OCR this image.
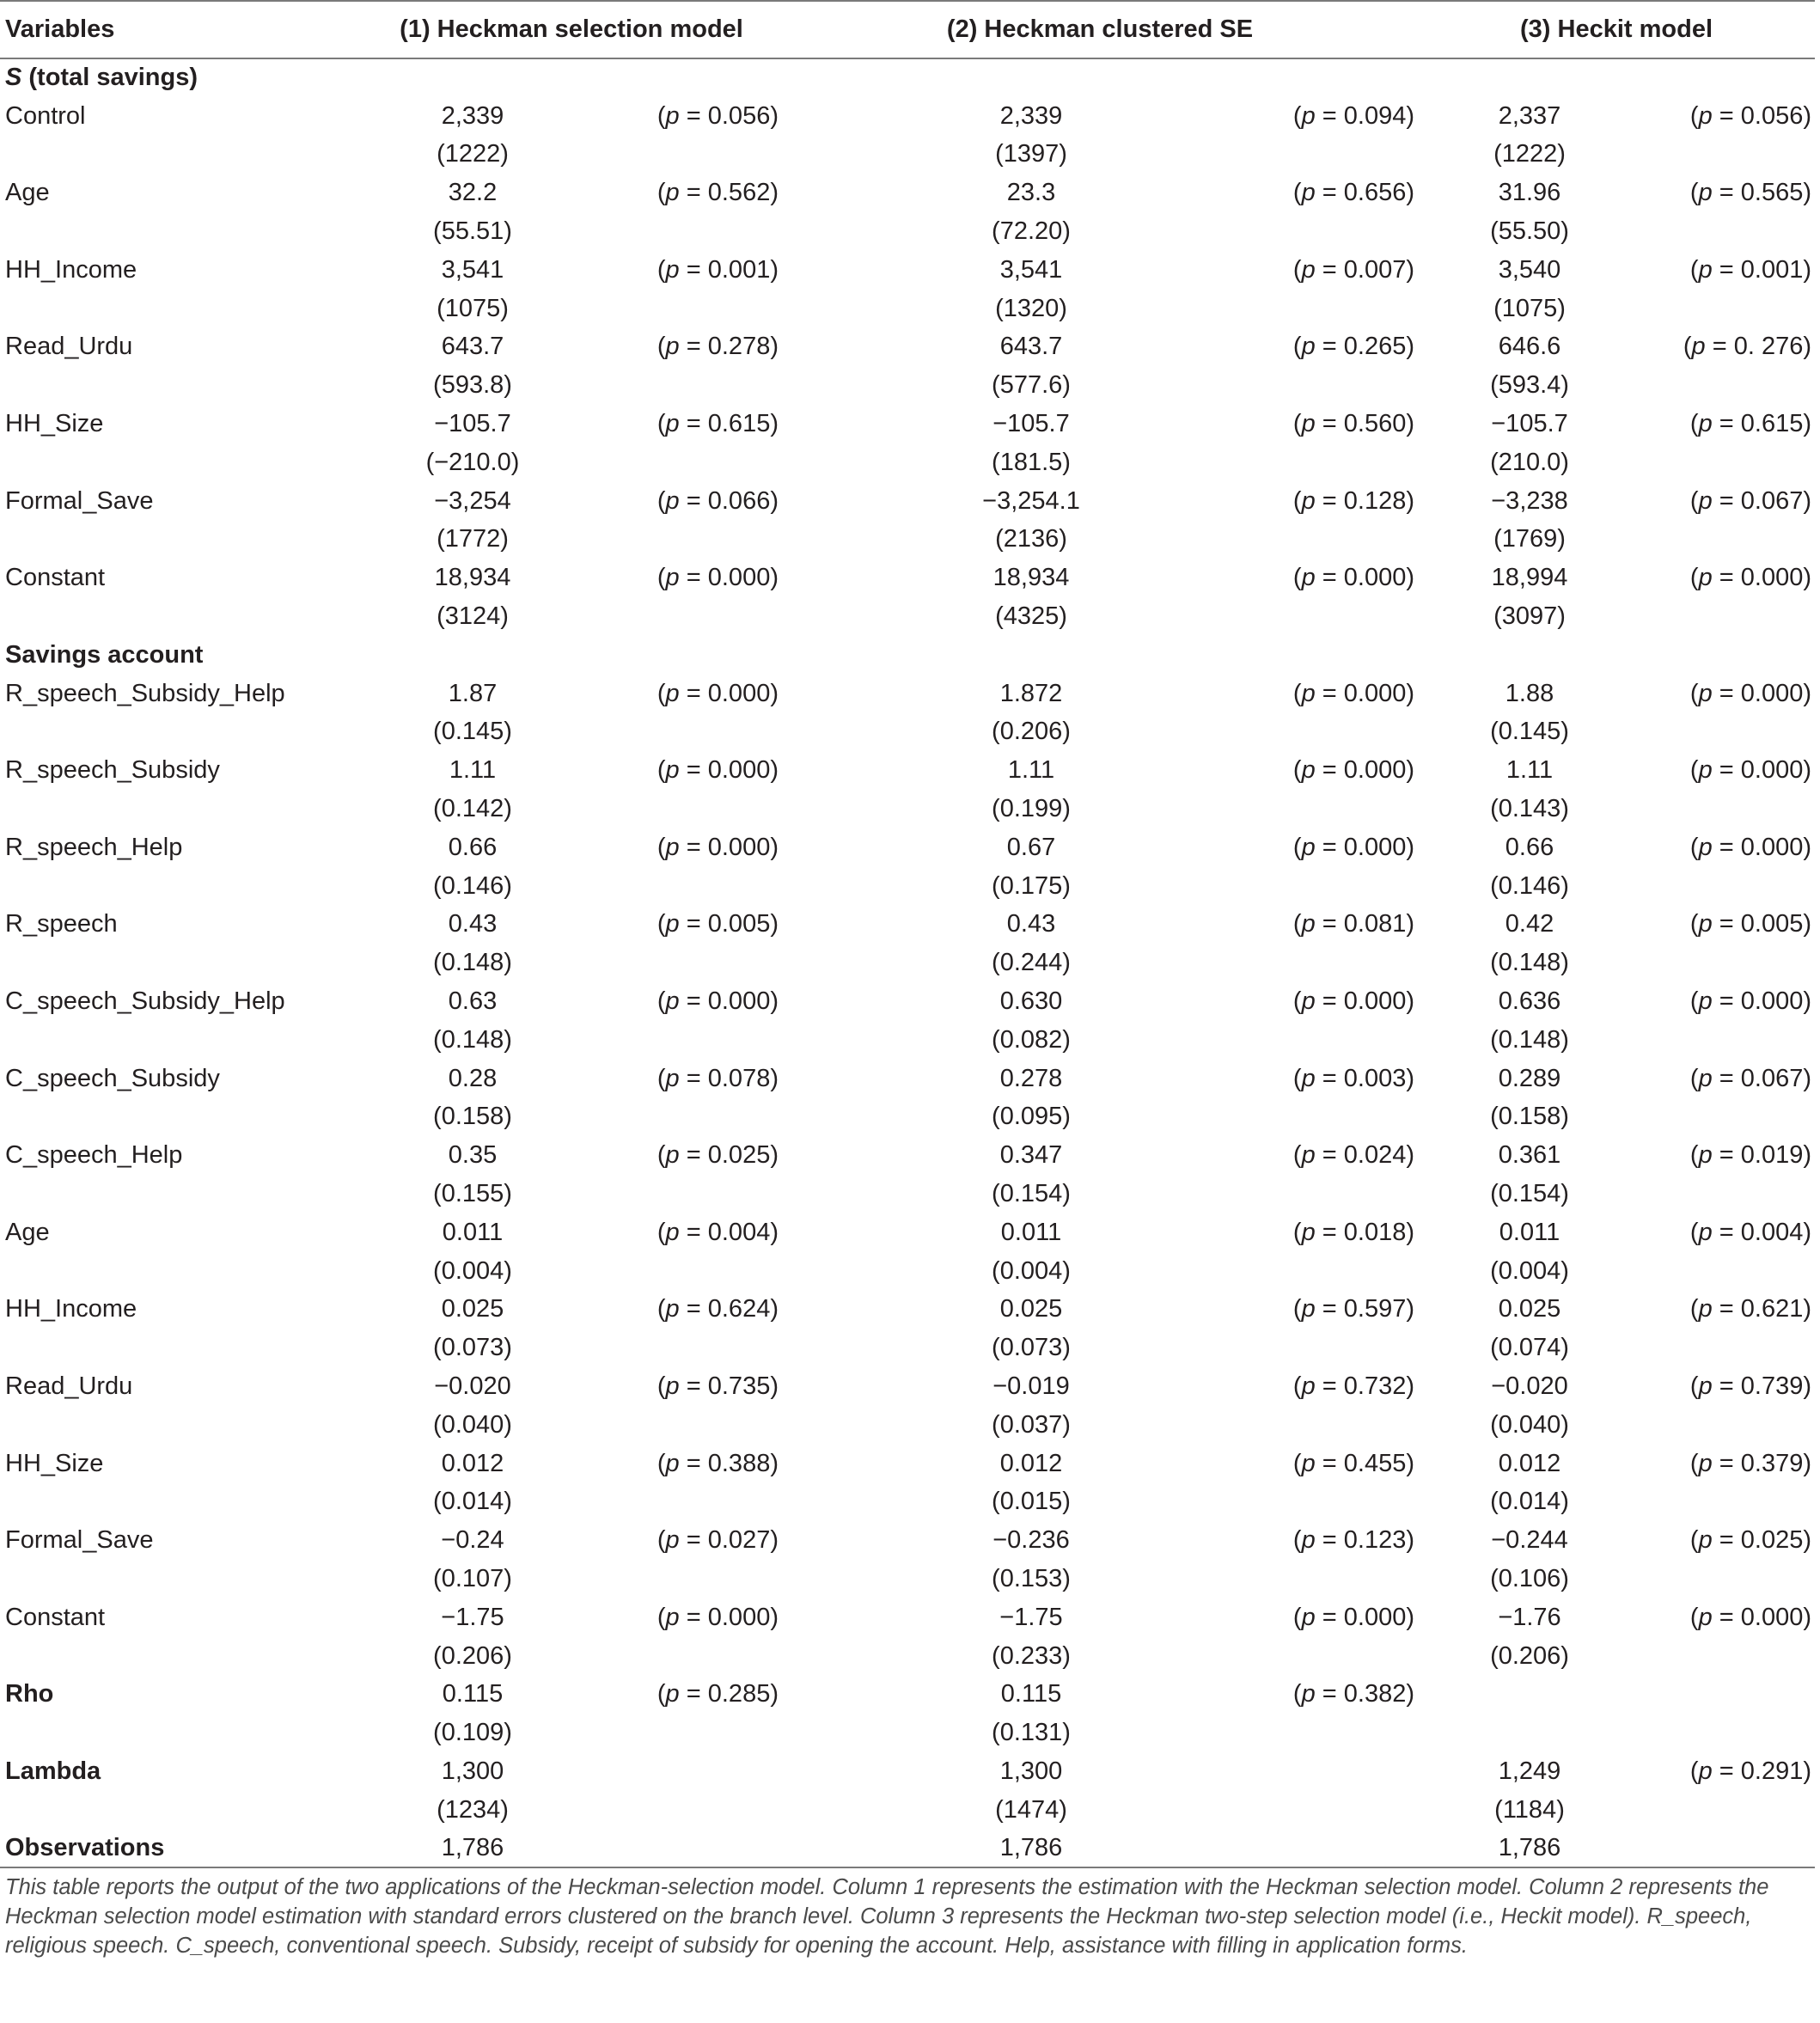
Variables	(1) Heckman selection model		(2) Heckman clustered SE		(3) Heckit model	
S (total savings)						
Control	2,339	(p = 0.056)	2,339	(p = 0.094)	2,337	(p = 0.056)
	(1222)		(1397)		(1222)	
Age	32.2	(p = 0.562)	23.3	(p = 0.656)	31.96	(p = 0.565)
	(55.51)		(72.20)		(55.50)	
HH_Income	3,541	(p = 0.001)	3,541	(p = 0.007)	3,540	(p = 0.001)
	(1075)		(1320)		(1075)	
Read_Urdu	643.7	(p = 0.278)	643.7	(p = 0.265)	646.6	(p = 0. 276)
	(593.8)		(577.6)		(593.4)	
HH_Size	−105.7	(p = 0.615)	−105.7	(p = 0.560)	−105.7	(p = 0.615)
	(−210.0)		(181.5)		(210.0)	
Formal_Save	−3,254	(p = 0.066)	−3,254.1	(p = 0.128)	−3,238	(p = 0.067)
	(1772)		(2136)		(1769)	
Constant	18,934	(p = 0.000)	18,934	(p = 0.000)	18,994	(p = 0.000)
	(3124)		(4325)		(3097)	
Savings account						
R_speech_Subsidy_Help	1.87	(p = 0.000)	1.872	(p = 0.000)	1.88	(p = 0.000)
	(0.145)		(0.206)		(0.145)	
R_speech_Subsidy	1.11	(p = 0.000)	1.11	(p = 0.000)	1.11	(p = 0.000)
	(0.142)		(0.199)		(0.143)	
R_speech_Help	0.66	(p = 0.000)	0.67	(p = 0.000)	0.66	(p = 0.000)
	(0.146)		(0.175)		(0.146)	
R_speech	0.43	(p = 0.005)	0.43	(p = 0.081)	0.42	(p = 0.005)
	(0.148)		(0.244)		(0.148)	
C_speech_Subsidy_Help	0.63	(p = 0.000)	0.630	(p = 0.000)	0.636	(p = 0.000)
	(0.148)		(0.082)		(0.148)	
C_speech_Subsidy	0.28	(p = 0.078)	0.278	(p = 0.003)	0.289	(p = 0.067)
	(0.158)		(0.095)		(0.158)	
C_speech_Help	0.35	(p = 0.025)	0.347	(p = 0.024)	0.361	(p = 0.019)
	(0.155)		(0.154)		(0.154)	
Age	0.011	(p = 0.004)	0.011	(p = 0.018)	0.011	(p = 0.004)
	(0.004)		(0.004)		(0.004)	
HH_Income	0.025	(p = 0.624)	0.025	(p = 0.597)	0.025	(p = 0.621)
	(0.073)		(0.073)		(0.074)	
Read_Urdu	−0.020	(p = 0.735)	−0.019	(p = 0.732)	−0.020	(p = 0.739)
	(0.040)		(0.037)		(0.040)	
HH_Size	0.012	(p = 0.388)	0.012	(p = 0.455)	0.012	(p = 0.379)
	(0.014)		(0.015)		(0.014)	
Formal_Save	−0.24	(p = 0.027)	−0.236	(p = 0.123)	−0.244	(p = 0.025)
	(0.107)		(0.153)		(0.106)	
Constant	−1.75	(p = 0.000)	−1.75	(p = 0.000)	−1.76	(p = 0.000)
	(0.206)		(0.233)		(0.206)	
Rho	0.115	(p = 0.285)	0.115	(p = 0.382)		
	(0.109)		(0.131)			
Lambda	1,300		1,300		1,249	(p = 0.291)
	(1234)		(1474)		(1184)	
Observations	1,786		1,786		1,786	
This table reports the output of the two applications of the Heckman-selection model. Column 1 represents the estimation with the Heckman selection model. Column 2 represents the Heckman selection model estimation with standard errors clustered on the branch level. Column 3 represents the Heckman two-step selection model (i.e., Heckit model). R_speech, religious speech. C_speech, conventional speech. Subsidy, receipt of subsidy for opening the account. Help, assistance with filling in application forms.
